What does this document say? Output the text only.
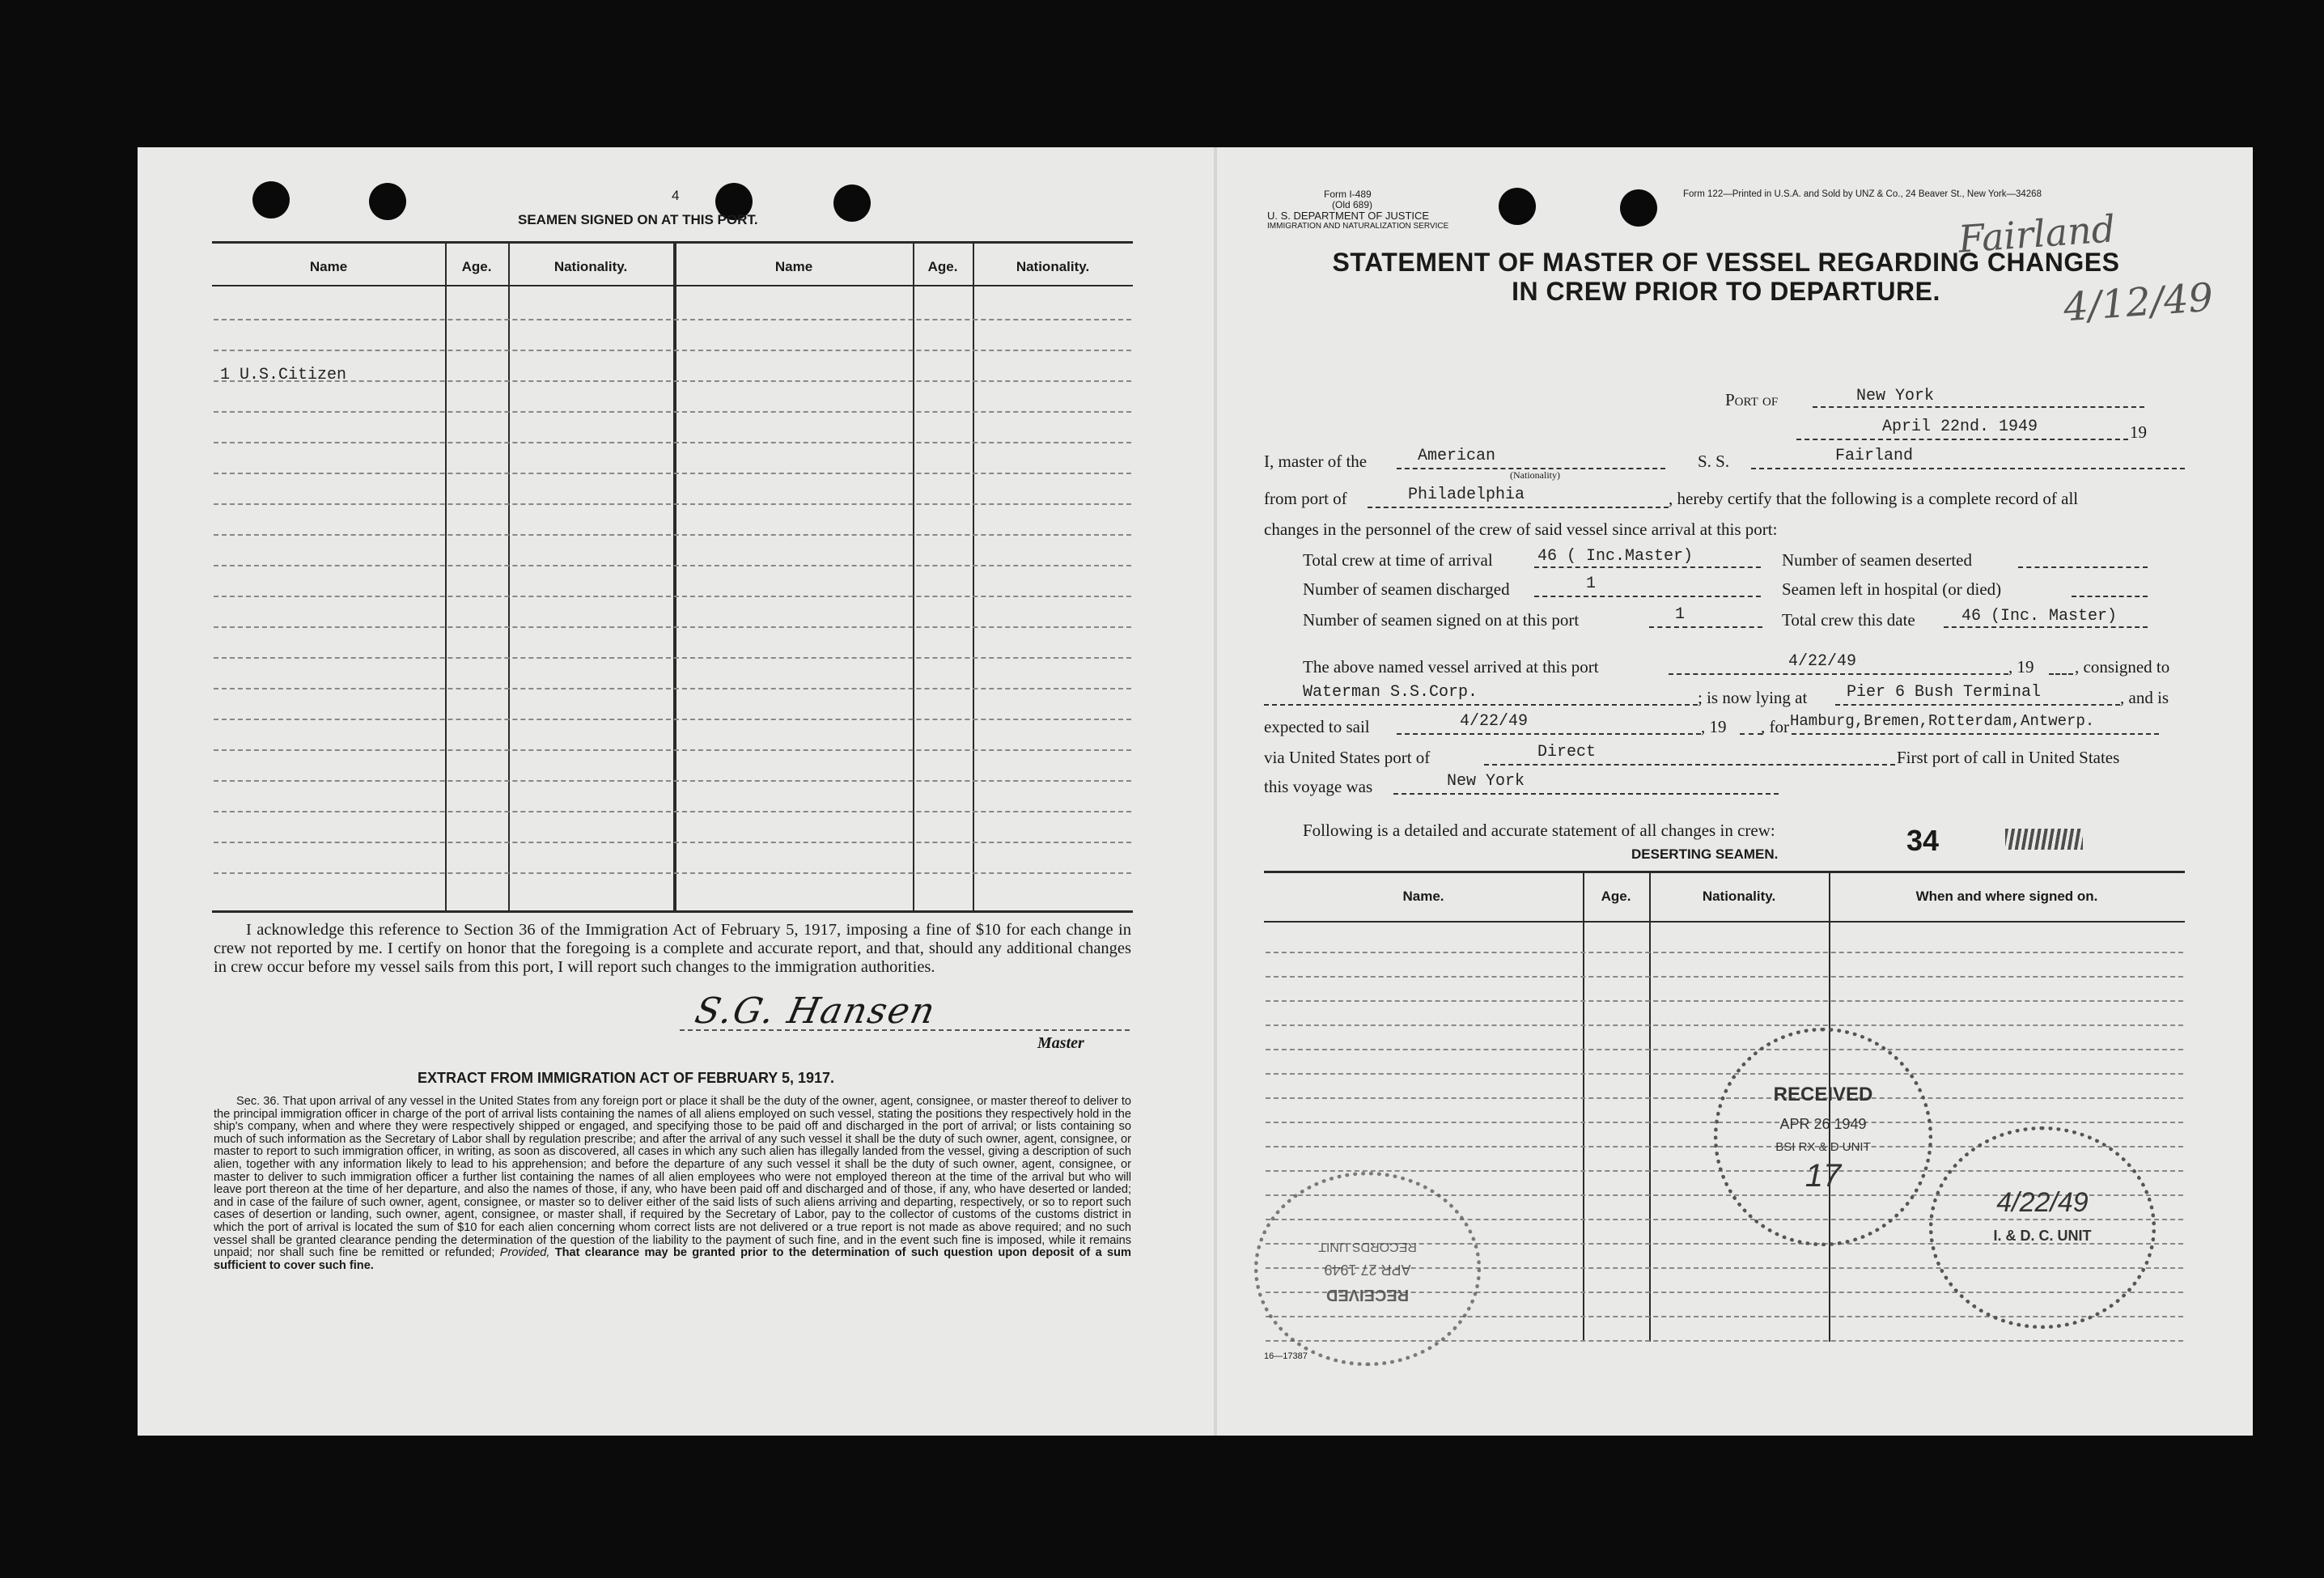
4
SEAMEN SIGNED ON AT THIS PORT.
Name	Age.	Nationality.	Name	Age.	Nationality.
1 U.S.Citizen
I acknowledge this reference to Section 36 of the Immigration Act of February 5, 1917, imposing a fine of $10 for each change in crew not reported by me. I certify on honor that the foregoing is a complete and accurate report, and that, should any additional changes in crew occur before my vessel sails from this port, I will report such changes to the immigration authorities.
S.G. Hansen
Master
EXTRACT FROM IMMIGRATION ACT OF FEBRUARY 5, 1917.
Sec. 36. That upon arrival of any vessel in the United States from any foreign port or place it shall be the duty of the owner, agent, consignee, or master thereof to deliver to the principal immigration officer in charge of the port of arrival lists containing the names of all aliens employed on such vessel, stating the positions they respectively hold in the ship's company, when and where they were respectively shipped or engaged, and specifying those to be paid off and discharged in the port of arrival; or lists containing so much of such information as the Secretary of Labor shall by regulation prescribe; and after the arrival of any such vessel it shall be the duty of such owner, agent, consignee, or master to report to such immigration officer, in writing, as soon as discovered, all cases in which any such alien has illegally landed from the vessel, giving a description of such alien, together with any information likely to lead to his apprehension; and before the departure of any such vessel it shall be the duty of such owner, agent, consignee, or master to deliver to such immigration officer a further list containing the names of all alien employees who were not employed thereon at the time of the arrival but who will leave port thereon at the time of her departure, and also the names of those, if any, who have been paid off and discharged and of those, if any, who have deserted or landed; and in case of the failure of such owner, agent, consignee, or master so to deliver either of the said lists of such aliens arriving and departing, respectively, or so to report such cases of desertion or landing, such owner, agent, consignee, or master shall, if required by the Secretary of Labor, pay to the collector of customs of the customs district in which the port of arrival is located the sum of $10 for each alien concerning whom correct lists are not delivered or a true report is not made as above required; and no such vessel shall be granted clearance pending the determination of the question of the liability to the payment of such fine, and in the event such fine is imposed, while it remains unpaid; nor shall such fine be remitted or refunded; Provided, That clearance may be granted prior to the determination of such question upon deposit of a sum sufficient to cover such fine.
Form I-489
(Old 689)
U. S. DEPARTMENT OF JUSTICE
IMMIGRATION AND NATURALIZATION SERVICE
Form 122—Printed in U.S.A. and Sold by UNZ & Co., 24 Beaver St., New York—34268
Fairland
4/12/49
STATEMENT OF MASTER OF VESSEL REGARDING CHANGES
IN CREW PRIOR TO DEPARTURE.
Port of	New York
April 22nd. 1949	19
I, master of the	American
(Nationality)
S. S.	Fairland
from port of	Philadelphia	, hereby certify that the following is a complete record of all
changes in the personnel of the crew of said vessel since arrival at this port:
Total crew at time of arrival	46 ( Inc.Master)	Number of seamen deserted
Number of seamen discharged	1	Seamen left in hospital (or died)
Number of seamen signed on at this port	1	Total crew this date	46 (Inc. Master)
The above named vessel arrived at this port	4/22/49	, 19 , consigned to
Waterman S.S.Corp.	; is now lying at Pier 6 Bush Terminal	, and is
expected to sail	4/22/49	, 19 , for Hamburg,Bremen,Rotterdam,Antwerp.
via United States port of	Direct	First port of call in United States
this voyage was	New York
Following is a detailed and accurate statement of all changes in crew:	34
DESERTING SEAMEN.
Name.	Age.	Nationality.	When and where signed on.
16—17387
RECEIVED
APR 26 1949
BSI RX & D UNIT
17
RECEIVED
APR 27 1949
RECORDS UNIT
4/22/49
I. & D. C. UNIT
